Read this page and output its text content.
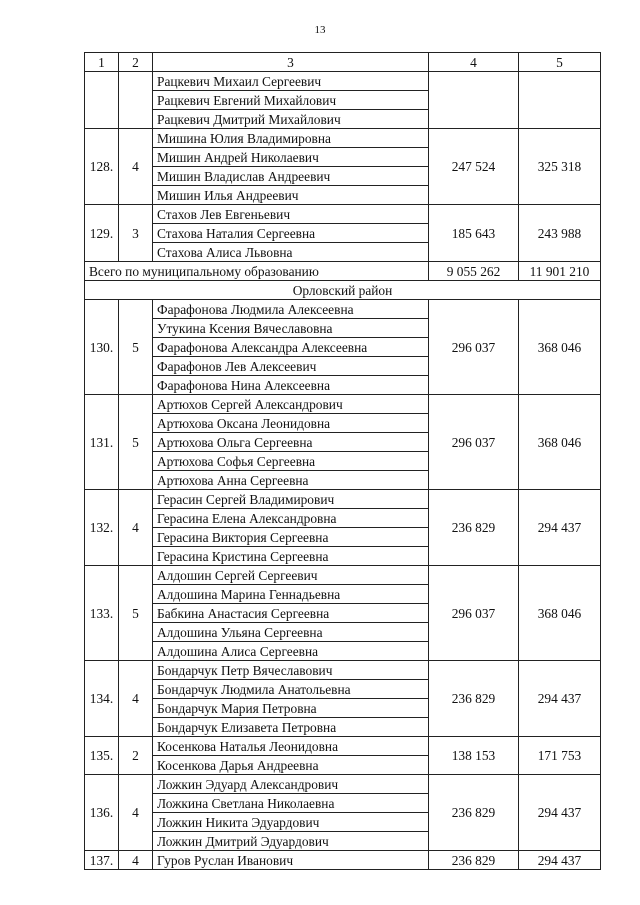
13
1	2	3	4	5
		Рацкевич Михаил Сергеевич		
		Рацкевич Евгений Михайлович		
		Рацкевич Дмитрий Михайлович		
128.	4	Мишина Юлия Владимировна	247 524	325 318
		Мишин Андрей Николаевич		
		Мишин Владислав Андреевич		
		Мишин Илья Андреевич		
129.	3	Стахов Лев Евгеньевич	185 643	243 988
		Стахова Наталия Сергеевна		
		Стахова Алиса Львовна		
Всего по муниципальному образованию			9 055 262	11 901 210
Орловский район				
130.	5	Фарафонова Людмила Алексеевна	296 037	368 046
		Утукина Ксения Вячеславовна		
		Фарафонова Александра Алексеевна		
		Фарафонов Лев Алексеевич		
		Фарафонова Нина Алексеевна		
131.	5	Артюхов Сергей Александрович	296 037	368 046
		Артюхова Оксана Леонидовна		
		Артюхова Ольга Сергеевна		
		Артюхова Софья Сергеевна		
		Артюхова Анна Сергеевна		
132.	4	Герасин Сергей Владимирович	236 829	294 437
		Герасина Елена Александровна		
		Герасина Виктория Сергеевна		
		Герасина Кристина Сергеевна		
133.	5	Алдошин Сергей Сергеевич	296 037	368 046
		Алдошина Марина Геннадьевна		
		Бабкина Анастасия Сергеевна		
		Алдошина Ульяна Сергеевна		
		Алдошина Алиса Сергеевна		
134.	4	Бондарчук Петр Вячеславович	236 829	294 437
		Бондарчук Людмила Анатольевна		
		Бондарчук Мария Петровна		
		Бондарчук Елизавета Петровна		
135.	2	Косенкова Наталья Леонидовна	138 153	171 753
		Косенкова Дарья Андреевна		
136.	4	Ложкин Эдуард Александрович	236 829	294 437
		Ложкина Светлана Николаевна		
		Ложкин Никита Эдуардович		
		Ложкин Дмитрий Эдуардович		
137.	4	Гуров Руслан Иванович	236 829	294 437
